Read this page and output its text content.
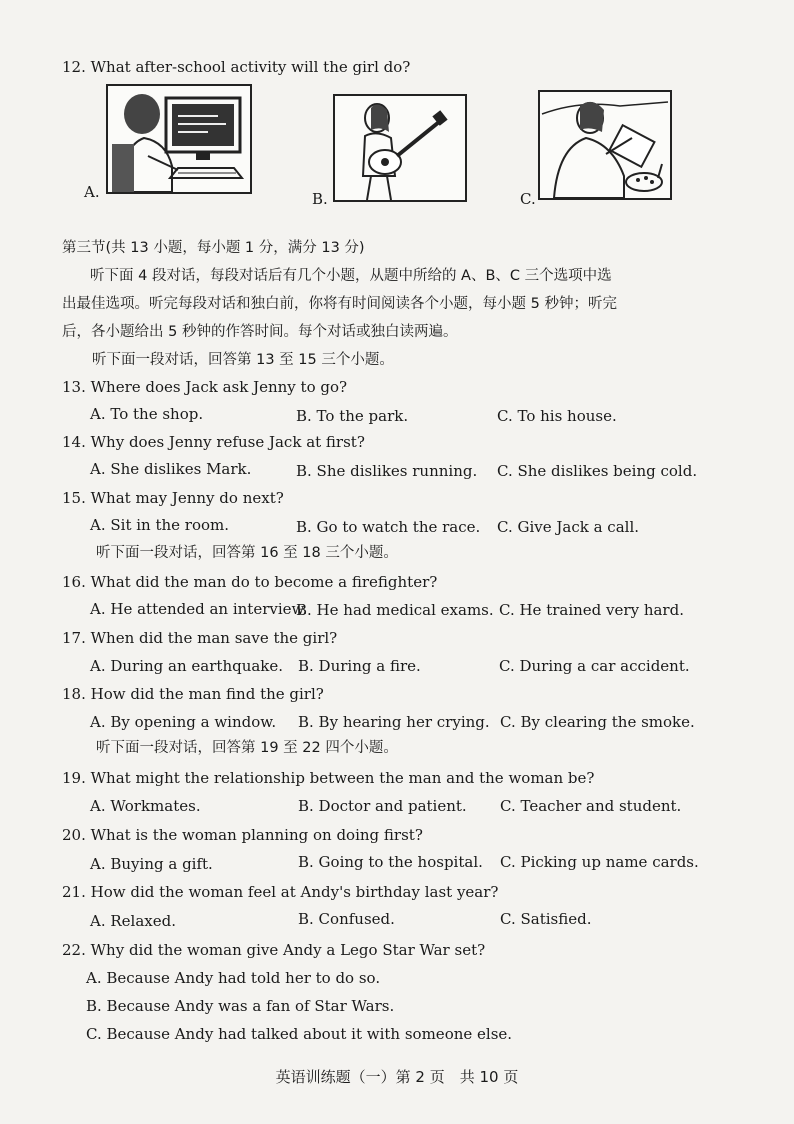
12. What after-school activity will the girl do?
A.	B.	C.
第三节(共 13 小题，每小题 1 分，满分 13 分)
听下面 4 段对话，每段对话后有几个小题，从题中所给的 A、B、C 三个选项中选
出最佳选项。听完每段对话和独白前，你将有时间阅读各个小题，每小题 5 秒钟；听完
后，各小题给出 5 秒钟的作答时间。每个对话或独白读两遍。
听下面一段对话，回答第 13 至 15 三个小题。
13. Where does Jack ask Jenny to go?
A. To the shop.	B. To the park.	C. To his house.
14. Why does Jenny refuse Jack at first?
A. She dislikes Mark.	B. She dislikes running. C. She dislikes being cold.
15. What may Jenny do next?
A. Sit in the room.	B. Go to watch the race. C. Give Jack a call.
听下面一段对话，回答第 16 至 18 三个小题。
16. What did the man do to become a firefighter?
A. He attended an interview.
B. He had medical exams. C. He trained very hard.
17. When did the man save the girl?
A. During an earthquake. B. During a fire.	C. During a car accident.
18. How did the man find the girl?
A. By opening a window. B. By hearing her crying. C. By clearing the smoke.
听下面一段对话，回答第 19 至 22 四个小题。
19. What might the relationship between the man and the woman be?
A. Workmates.	B. Doctor and patient. C. Teacher and student.
20. What is the woman planning on doing first?
A. Buying a gift.	B. Going to the hospital. C. Picking up name cards.
21. How did the woman feel at Andy's birthday last year?
A. Relaxed.	B. Confused.	C. Satisfied.
22. Why did the woman give Andy a Lego Star War set?
A. Because Andy had told her to do so.
B. Because Andy was a fan of Star Wars.
C. Because Andy had talked about it with someone else.
英语训练题（一）第 2 页　共 10 页
